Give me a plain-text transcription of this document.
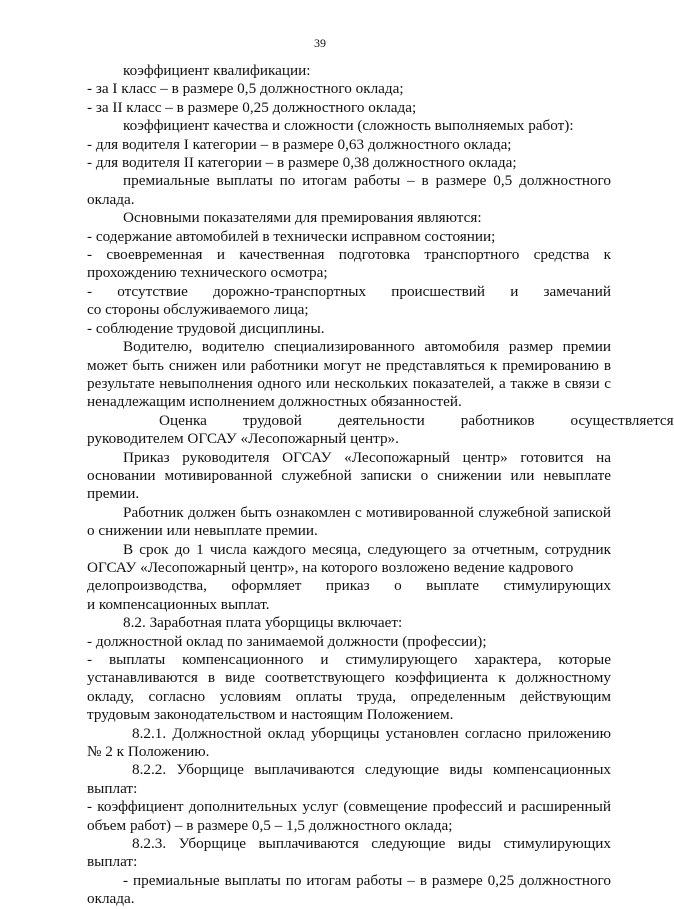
39

коэффициент квалификации:

- за I класс – в размере 0,5 должностного оклада;

- за II класс – в размере 0,25 должностного оклада;

коэффициент качества и сложности (сложность выполняемых работ):

- для водителя I категории – в размере 0,63 должностного оклада;

- для водителя II категории – в размере 0,38 должностного оклада;

премиальные выплаты по итогам работы – в размере 0,5 должностного оклада.

Основными показателями для премирования являются:

- содержание автомобилей в технически исправном состоянии;

- своевременная и качественная подготовка транспортного средства к прохождению технического осмотра;

- отсутствие дорожно-транспортных происшествий и замечаний

со стороны обслуживаемого лица;

- соблюдение трудовой дисциплины.

Водителю, водителю специализированного автомобиля размер премии может быть снижен или работники могут не представляться к премированию в результате невыполнения одного или нескольких показателей, а также в связи с ненадлежащим исполнением должностных обязанностей.

Оценка	трудовой	деятельности	работников	осуществляется

руководителем ОГСАУ «Лесопожарный центр».

Приказ руководителя ОГСАУ «Лесопожарный центр» готовится на основании мотивированной служебной записки о снижении или невыплате премии.

Работник должен быть ознакомлен с мотивированной служебной запиской о снижении или невыплате премии.

В срок до 1 числа каждого месяца, следующего за отчетным, сотрудник ОГСАУ «Лесопожарный центр», на которого возложено ведение кадрового

делопроизводства, оформляет приказ о выплате стимулирующих

и компенсационных выплат.

8.2. Заработная плата уборщицы включает:

- должностной оклад по занимаемой должности (профессии);

- выплаты компенсационного и стимулирующего характера, которые устанавливаются в виде соответствующего коэффициента к должностному окладу, согласно условиям оплаты труда, определенным действующим трудовым законодательством и настоящим Положением.

8.2.1. Должностной оклад уборщицы установлен согласно приложению № 2 к Положению.

8.2.2. Уборщице выплачиваются следующие виды компенсационных выплат:

- коэффициент дополнительных услуг (совмещение профессий и расширенный объем работ) – в размере 0,5 – 1,5 должностного оклада;

8.2.3. Уборщице выплачиваются следующие виды стимулирующих выплат:

- премиальные выплаты по итогам работы – в размере 0,25 должностного оклада.
